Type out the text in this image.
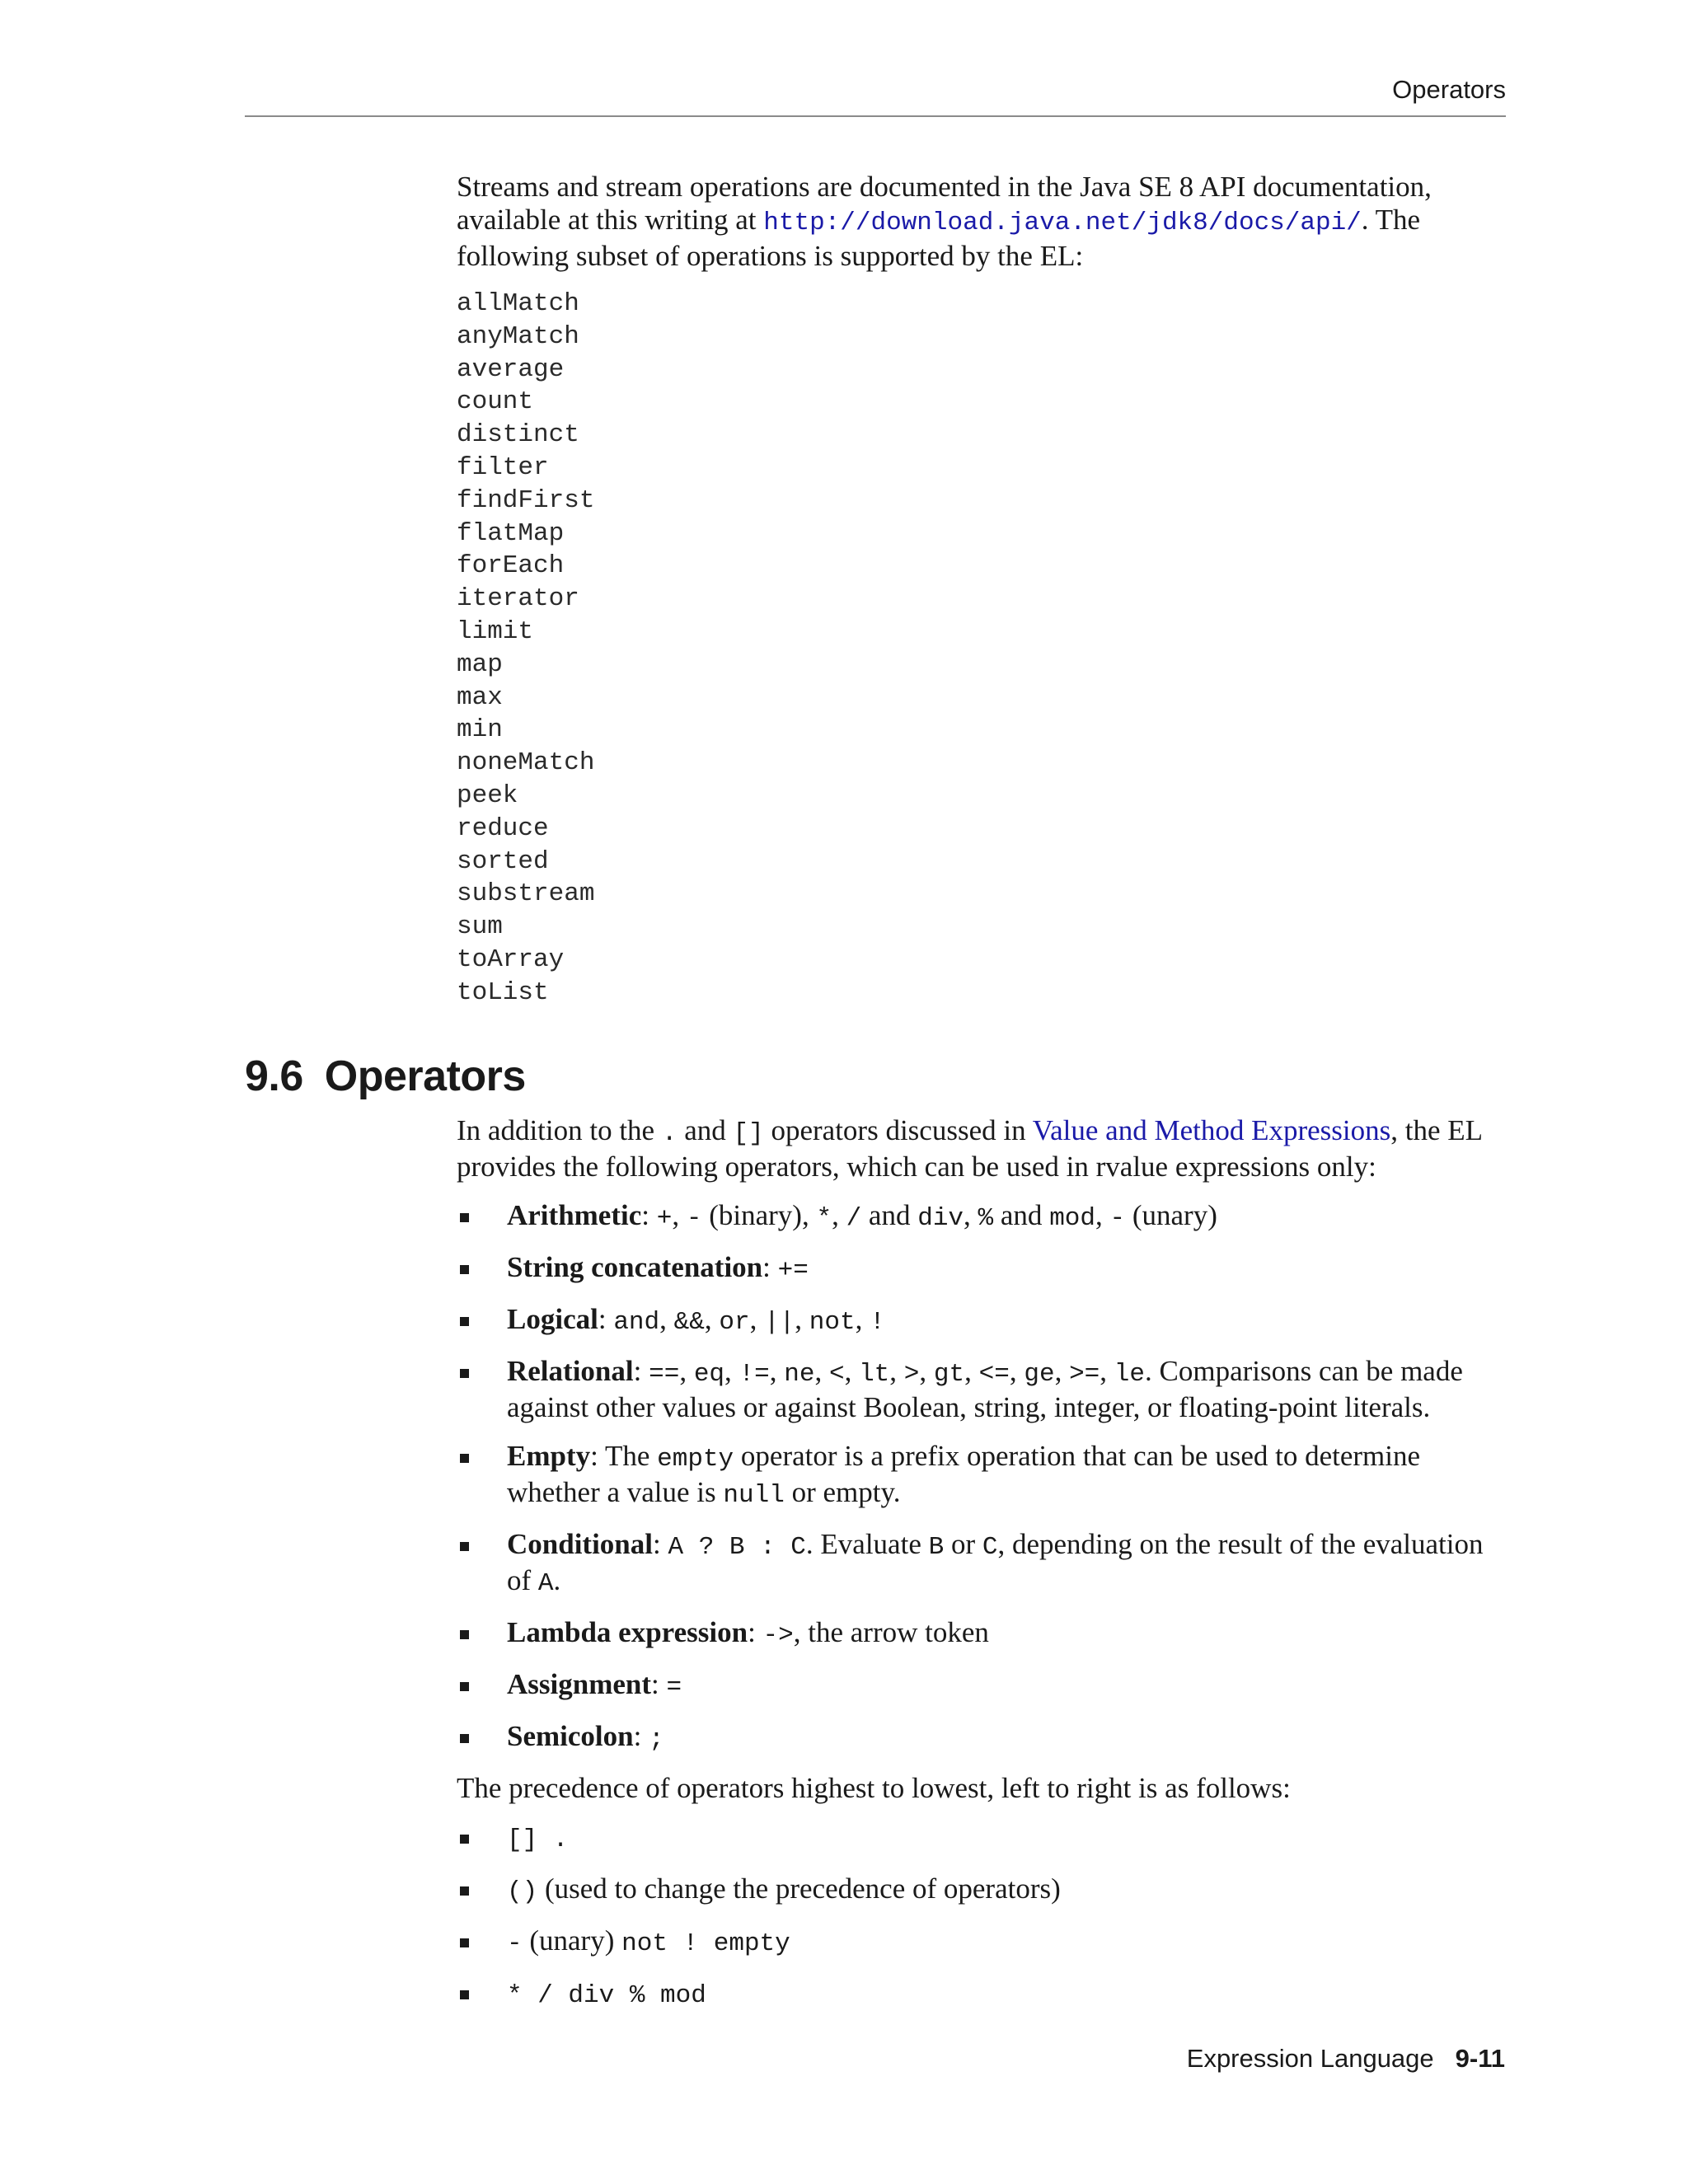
Operators

Streams and stream operations are documented in the Java SE 8 API documentation, available at this writing at http://download.java.net/jdk8/docs/api/. The following subset of operations is supported by the EL:

allMatch
anyMatch
average
count
distinct
filter
findFirst
flatMap
forEach
iterator
limit
map
max
min
noneMatch
peek
reduce
sorted
substream
sum
toArray
toList
9.6 Operators

In addition to the . and [] operators discussed in Value and Method Expressions, the EL provides the following operators, which can be used in rvalue expressions only:

Arithmetic: +, - (binary), *, / and div, % and mod, - (unary)
String concatenation: +=
Logical: and, &&, or, ||, not, !
Relational: ==, eq, !=, ne, <, lt, >, gt, <=, ge, >=, le. Comparisons can be made against other values or against Boolean, string, integer, or floating-point literals.
Empty: The empty operator is a prefix operation that can be used to determine whether a value is null or empty.
Conditional: A ? B : C. Evaluate B or C, depending on the result of the evaluation of A.
Lambda expression: ->, the arrow token
Assignment: =
Semicolon: ;

The precedence of operators highest to lowest, left to right is as follows:

[] .
() (used to change the precedence of operators)
- (unary) not ! empty
* / div % mod
Expression Language 9-11
